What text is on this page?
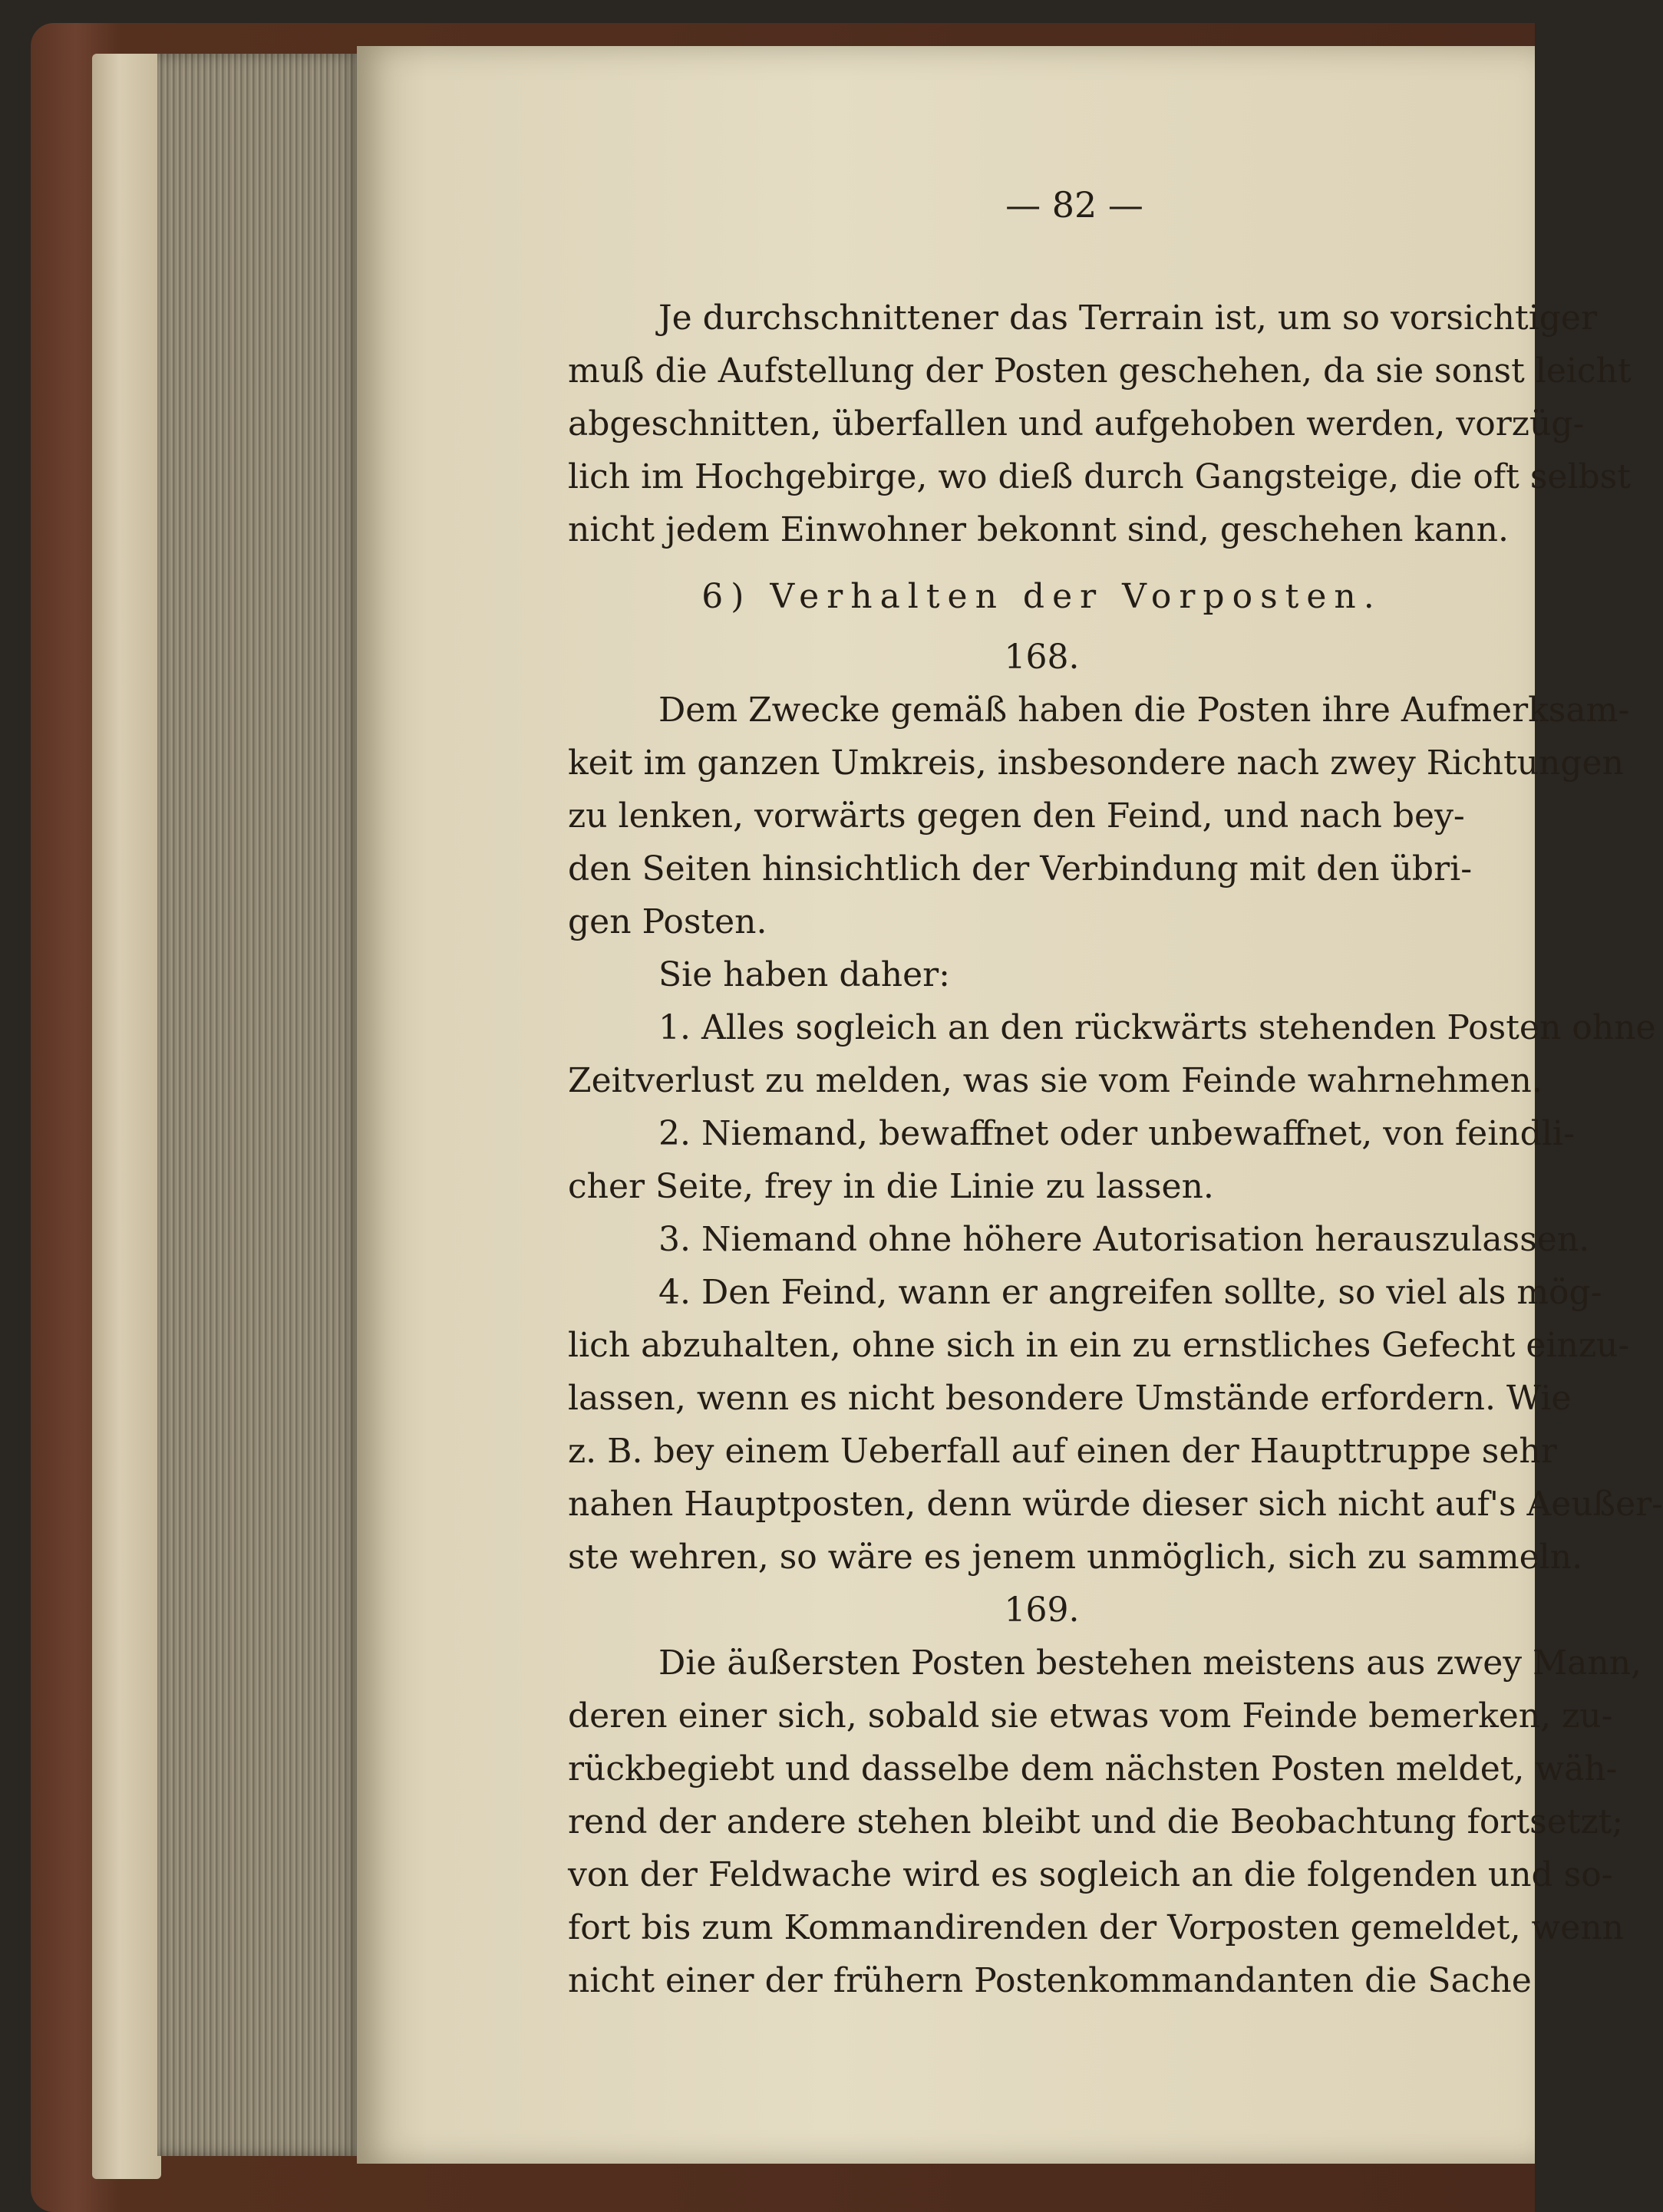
— 82 —
Je durchschnittener das Terrain ist, um so vorsichtiger
muß die Aufstellung der Posten geschehen, da sie sonst leicht
abgeschnitten, überfallen und aufgehoben werden, vorzüg-
lich im Hochgebirge, wo dieß durch Gangsteige, die oft selbst
nicht jedem Einwohner bekonnt sind, geschehen kann.
6) Verhalten der Vorposten.
168.
Dem Zwecke gemäß haben die Posten ihre Aufmerksam-
keit im ganzen Umkreis, insbesondere nach zwey Richtungen
zu lenken, vorwärts gegen den Feind, und nach bey-
den Seiten hinsichtlich der Verbindung mit den übri-
gen Posten.
Sie haben daher:
1. Alles sogleich an den rückwärts stehenden Posten ohne
Zeitverlust zu melden, was sie vom Feinde wahrnehmen.
2. Niemand, bewaffnet oder unbewaffnet, von feindli-
cher Seite, frey in die Linie zu lassen.
3. Niemand ohne höhere Autorisation herauszulassen.
4. Den Feind, wann er angreifen sollte, so viel als mög-
lich abzuhalten, ohne sich in ein zu ernstliches Gefecht einzu-
lassen, wenn es nicht besondere Umstände erfordern. Wie
z. B. bey einem Ueberfall auf einen der Haupttruppe sehr
nahen Hauptposten, denn würde dieser sich nicht auf's Aeußer-
ste wehren, so wäre es jenem unmöglich, sich zu sammeln.
169.
Die äußersten Posten bestehen meistens aus zwey Mann,
deren einer sich, sobald sie etwas vom Feinde bemerken, zu-
rückbegiebt und dasselbe dem nächsten Posten meldet, wäh-
rend der andere stehen bleibt und die Beobachtung fortsetzt;
von der Feldwache wird es sogleich an die folgenden und so-
fort bis zum Kommandirenden der Vorposten gemeldet, wenn
nicht einer der frühern Postenkommandanten die Sache
